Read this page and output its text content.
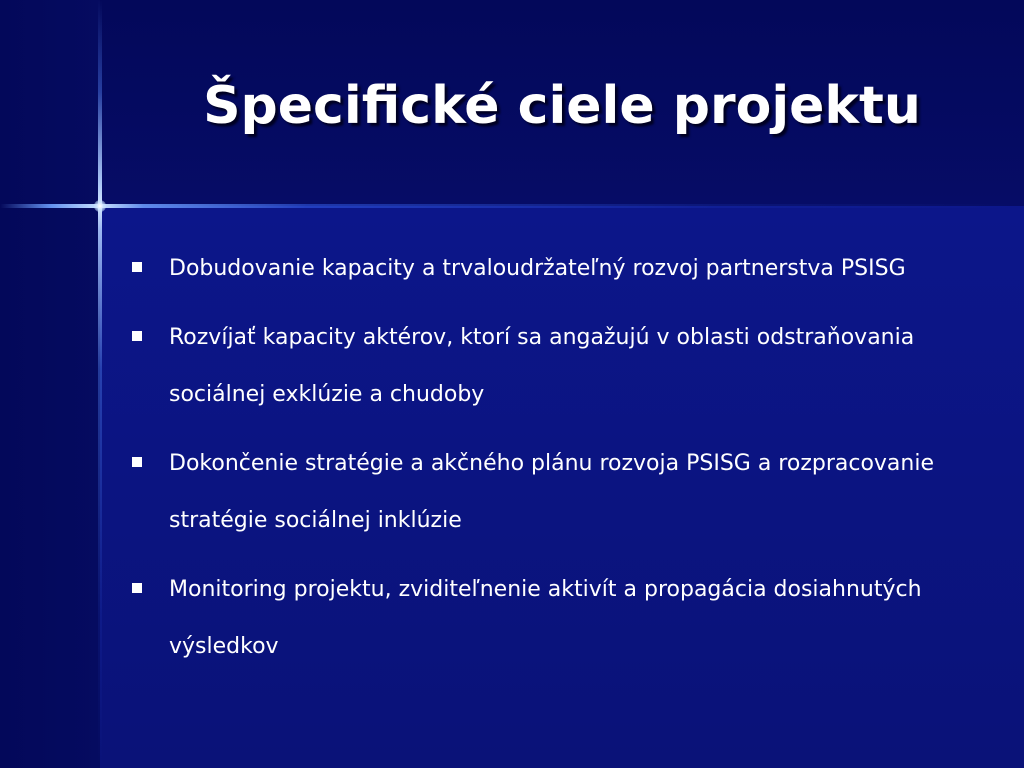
Špecifické ciele projektu
Dobudovanie kapacity a trvaloudržateľný rozvoj partnerstva PSISG
Rozvíjať kapacity aktérov, ktorí sa angažujú v oblasti odstraňovania sociálnej exklúzie a chudoby
Dokončenie stratégie a akčného plánu rozvoja PSISG a rozpracovanie stratégie sociálnej inklúzie
Monitoring projektu, zviditeľnenie aktivít a propagácia dosiahnutých výsledkov
